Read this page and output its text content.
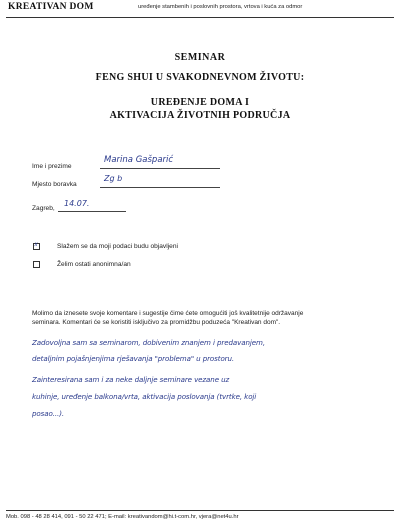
KREATIVAN DOM	uređenje stambenih i poslovnih prostora, vrtova i kuća za odmor
SEMINAR
FENG SHUI U SVAKODNEVNOM ŽIVOTU:
UREĐENJE DOMA I
AKTIVACIJA ŽIVOTNIH PODRUČJA
Ime i prezime
Marina Gašparić
Mjesto boravka
Zg b
Zagreb,
14.07.
x	Slažem se da moji podaci budu objavljeni
Želim ostati anonimna/an
Molimo da iznesete svoje komentare i sugestije čime ćete omogućiti još kvalitetnije održavanje
seminara. Komentari će se koristiti isključivo za promidžbu poduzeća "Kreativan dom".
Zadovoljna sam sa seminarom, dobivenim znanjem i predavanjem,
detaljnim pojašnjenjima rješavanja "problema" u prostoru.
Zainteresirana sam i za neke daljnje seminare vezane uz
kuhinje, uređenje balkona/vrta, aktivacija poslovanja (tvrtke, koji
posao...).
Mob. 098 - 48 28 414, 091 - 50 22 471; E-mail: kreativandom@hi.t-com.hr, vjera@net4u.hr
